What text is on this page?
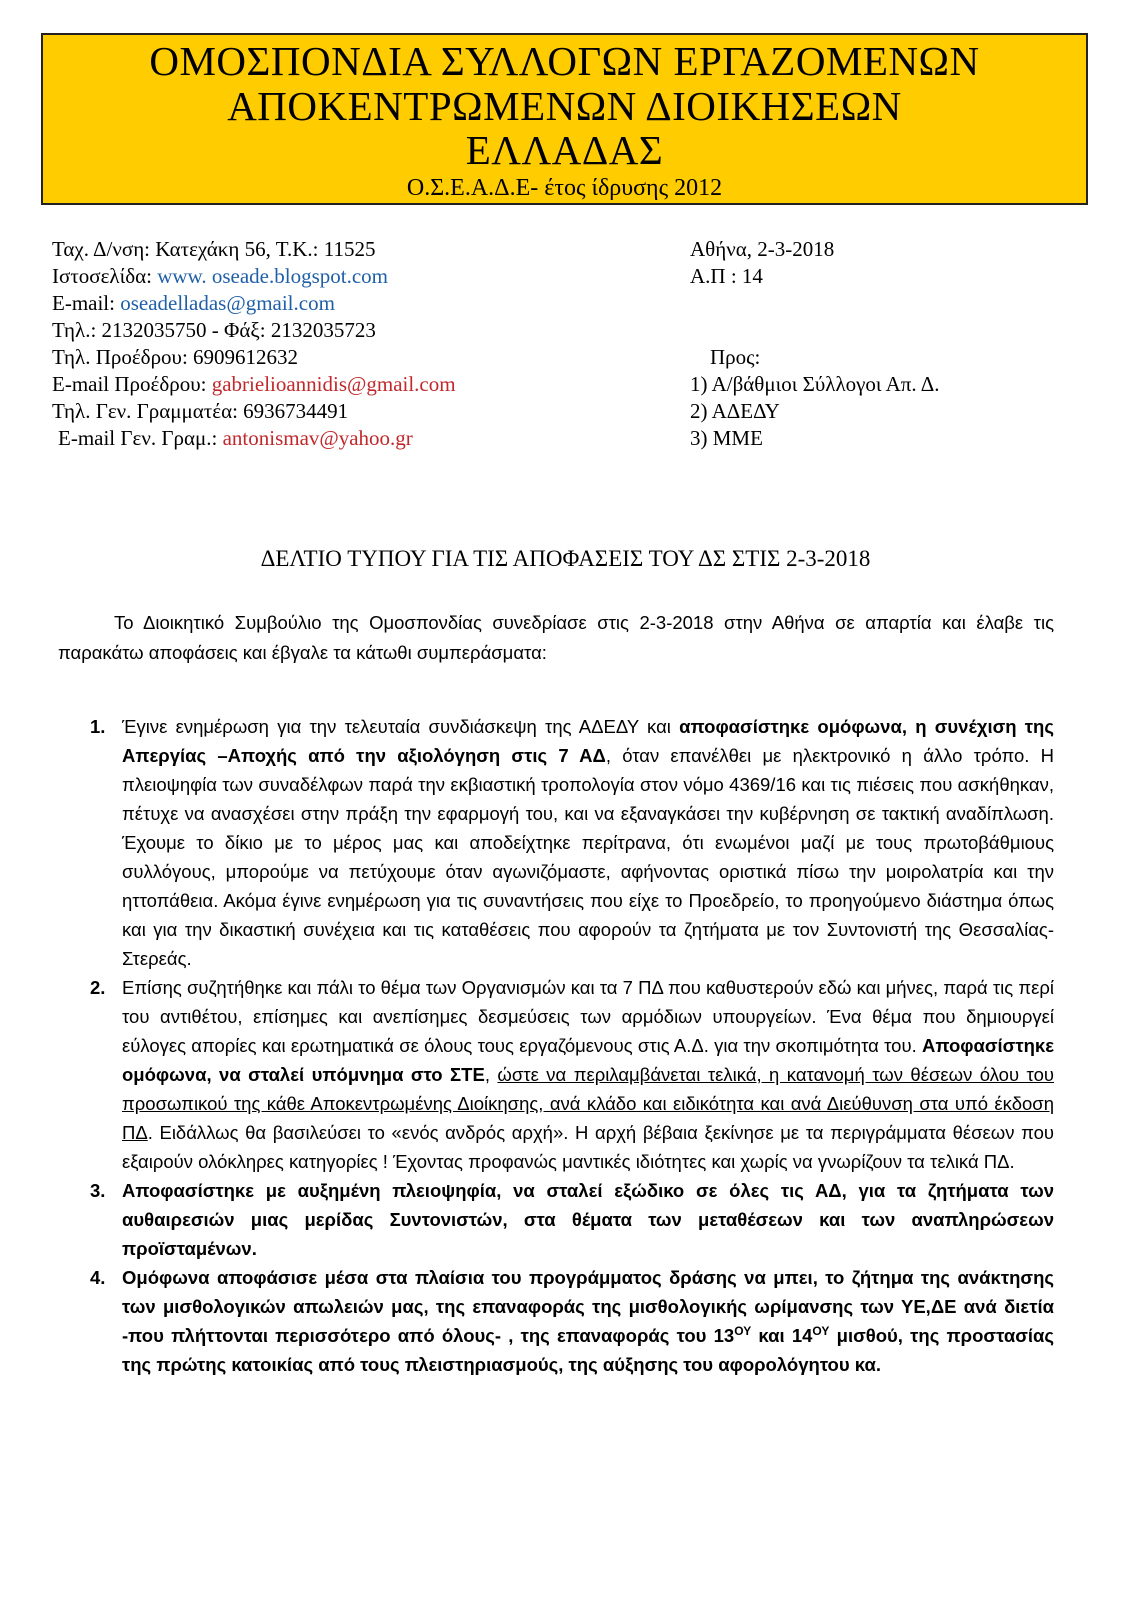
ΟΜΟΣΠΟΝΔΙΑ ΣΥΛΛΟΓΩΝ ΕΡΓΑΖΟΜΕΝΩΝ
ΑΠΟΚΕΝΤΡΩΜΕΝΩΝ ΔΙΟΙΚΗΣΕΩΝ
ΕΛΛΑΔΑΣ
Ο.Σ.Ε.Α.Δ.Ε- έτος ίδρυσης 2012
Ταχ. Δ/νση: Κατεχάκη 56, Τ.Κ.: 11525
Ιστοσελίδα: www. oseade.blogspot.com
E-mail: oseadelladas@gmail.com
Τηλ.: 2132035750 - Φάξ: 2132035723
Τηλ. Προέδρου: 6909612632
E-mail Προέδρου: gabrielioannidis@gmail.com
Τηλ. Γεν. Γραμματέα: 6936734491
E-mail Γεν. Γραμ.: antonismav@yahoo.gr
Αθήνα, 2-3-2018
Α.Π : 14
Προς:
1) Α/βάθμιοι Σύλλογοι Απ. Δ.
2) ΑΔΕΔΥ
3) ΜΜΕ
ΔΕΛΤΙΟ ΤΥΠΟΥ ΓΙΑ ΤΙΣ ΑΠΟΦΑΣΕΙΣ ΤΟΥ ΔΣ ΣΤΙΣ 2-3-2018

Το Διοικητικό Συμβούλιο της Ομοσπονδίας συνεδρίασε στις 2-3-2018 στην Αθήνα σε απαρτία και έλαβε τις παρακάτω αποφάσεις και έβγαλε τα κάτωθι συμπεράσματα:

1. Έγινε ενημέρωση για την τελευταία συνδιάσκεψη της ΑΔΕΔΥ και αποφασίστηκε ομόφωνα, η συνέχιση της Απεργίας –Αποχής από την αξιολόγηση στις 7 ΑΔ, όταν επανέλθει με ηλεκτρονικό η άλλο τρόπο. Η πλειοψηφία των συναδέλφων παρά την εκβιαστική τροπολογία στον νόμο 4369/16 και τις πιέσεις που ασκήθηκαν, πέτυχε να ανασχέσει στην πράξη την εφαρμογή του, και να εξαναγκάσει την κυβέρνηση σε τακτική αναδίπλωση. Έχουμε το δίκιο με το μέρος μας και αποδείχτηκε περίτρανα, ότι ενωμένοι μαζί με τους πρωτοβάθμιους συλλόγους, μπορούμε να πετύχουμε όταν αγωνιζόμαστε, αφήνοντας οριστικά πίσω την μοιρολατρία και την ηττοπάθεια. Ακόμα έγινε ενημέρωση για τις συναντήσεις που είχε το Προεδρείο, το προηγούμενο διάστημα όπως και για την δικαστική συνέχεια και τις καταθέσεις που αφορούν τα ζητήματα με τον Συντονιστή της Θεσσαλίας-Στερεάς.

2. Επίσης συζητήθηκε και πάλι το θέμα των Οργανισμών και τα 7 ΠΔ που καθυστερούν εδώ και μήνες, παρά τις περί του αντιθέτου, επίσημες και ανεπίσημες δεσμεύσεις των αρμόδιων υπουργείων. Ένα θέμα που δημιουργεί εύλογες απορίες και ερωτηματικά σε όλους τους εργαζόμενους στις Α.Δ. για την σκοπιμότητα του. Αποφασίστηκε ομόφωνα, να σταλεί υπόμνημα στο ΣΤΕ, ώστε να περιλαμβάνεται τελικά, η κατανομή των θέσεων όλου του προσωπικού της κάθε Αποκεντρωμένης Διοίκησης, ανά κλάδο και ειδικότητα και ανά Διεύθυνση στα υπό έκδοση ΠΔ. Ειδάλλως θα βασιλεύσει το «ενός ανδρός αρχή». Η αρχή βέβαια ξεκίνησε με τα περιγράμματα θέσεων που εξαιρούν ολόκληρες κατηγορίες ! Έχοντας προφανώς μαντικές ιδιότητες και χωρίς να γνωρίζουν τα τελικά ΠΔ.

3. Αποφασίστηκε με αυξημένη πλειοψηφία, να σταλεί εξώδικο σε όλες τις ΑΔ, για τα ζητήματα των αυθαιρεσιών μιας μερίδας Συντονιστών, στα θέματα των μεταθέσεων και των αναπληρώσεων προϊσταμένων.

4. Ομόφωνα αποφάσισε μέσα στα πλαίσια του προγράμματος δράσης να μπει, το ζήτημα της ανάκτησης των μισθολογικών απωλειών μας, της επαναφοράς της μισθολογικής ωρίμανσης των ΥΕ,ΔΕ ανά διετία -που πλήττονται περισσότερο από όλους- , της επαναφοράς του $13^{O\Upsilon}$ και $14^{O\Upsilon}$ μισθού, της προστασίας της πρώτης κατοικίας από τους πλειστηριασμούς, της αύξησης του αφορολόγητου κα.
